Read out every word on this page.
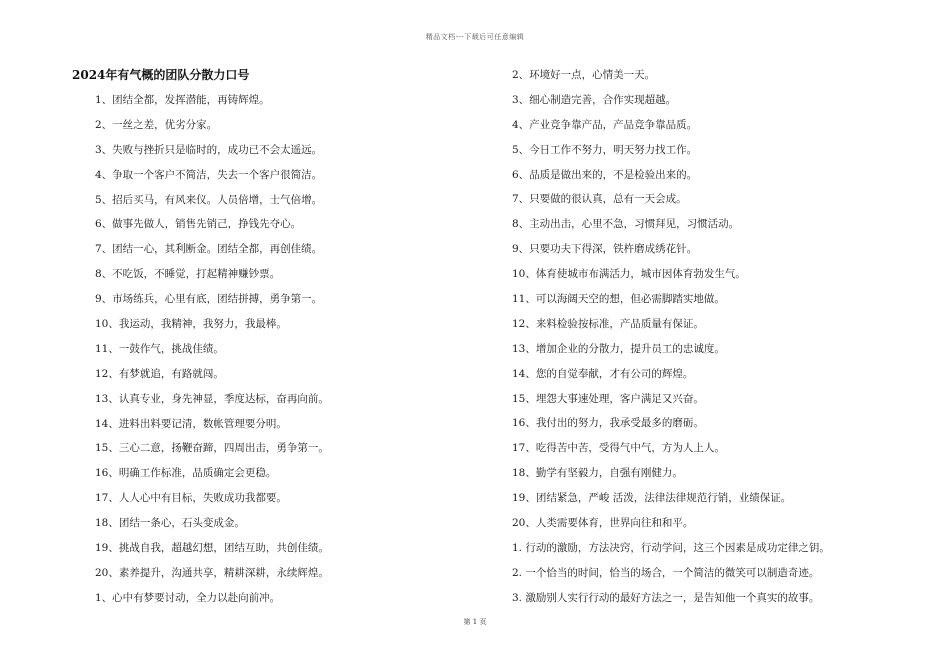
精品文档---下载后可任意编辑
2024年有气概的团队分散力口号
1、团结全都，发挥潜能，再铸辉煌。
2、一丝之差，优劣分家。
3、失败与挫折只是临时的，成功已不会太遥远。
4、争取一个客户不简洁，失去一个客户很简洁。
5、招后买马，有风来仪。人员倍增，士气倍增。
6、做事先做人，销售先销己，挣钱先夺心。
7、团结一心，其利断金。团结全都，再创佳绩。
8、不吃饭，不睡觉，打起精神赚钞票。
9、市场练兵，心里有底，团结拼搏，勇争第一。
10、我运动，我精神，我努力，我最棒。
11、一鼓作气，挑战佳绩。
12、有梦就追，有路就闯。
13、认真专业，身先神显，季度达标，奋再向前。
14、进料出料要记清，数帐管理要分明。
15、三心二意，扬鞭奋蹄，四周出击，勇争第一。
16、明确工作标准，品质确定会更稳。
17、人人心中有目标，失败成功我都要。
18、团结一条心，石头变成金。
19、挑战自我，超越幻想，团结互助，共创佳绩。
20、素养提升，沟通共享，精耕深耕，永续辉煌。
1、心中有梦要讨动，全力以赴向前冲。
2、环境好一点，心情美一天。
3、细心制造完善，合作实现超越。
4、产业竞争靠产品，产品竞争靠品质。
5、今日工作不努力，明天努力找工作。
6、品质是做出来的，不是检验出来的。
7、只要做的很认真，总有一天会成。
8、主动出击，心里不急，习惯拜见，习惯活动。
9、只要功夫下得深，铁杵磨成绣花针。
10、体育使城市布满活力，城市因体育勃发生气。
11、可以海阔天空的想，但必需脚踏实地做。
12、来料检验按标准，产品质量有保证。
13、增加企业的分散力，提升员工的忠诚度。
14、您的自觉奉献，才有公司的辉煌。
15、埋怨大事速处理，客户满足又兴奋。
16、我付出的努力，我承受最多的磨砺。
17、吃得苦中苦，受得气中气，方为人上人。
18、勤学有坚毅力，自强有刚健力。
19、团结紧急，严峻 活泼，法律法律规范行销，业绩保证。
20、人类需要体育，世界向往和和平。
1. 行动的激励，方法决窍，行动学问，这三个因素是成功定律之钥。
2. 一个恰当的时间，恰当的场合，一个简洁的微笑可以制造奇迹。
3. 激励别人实行行动的最好方法之一，是告知他一个真实的故事。
第 1 页
